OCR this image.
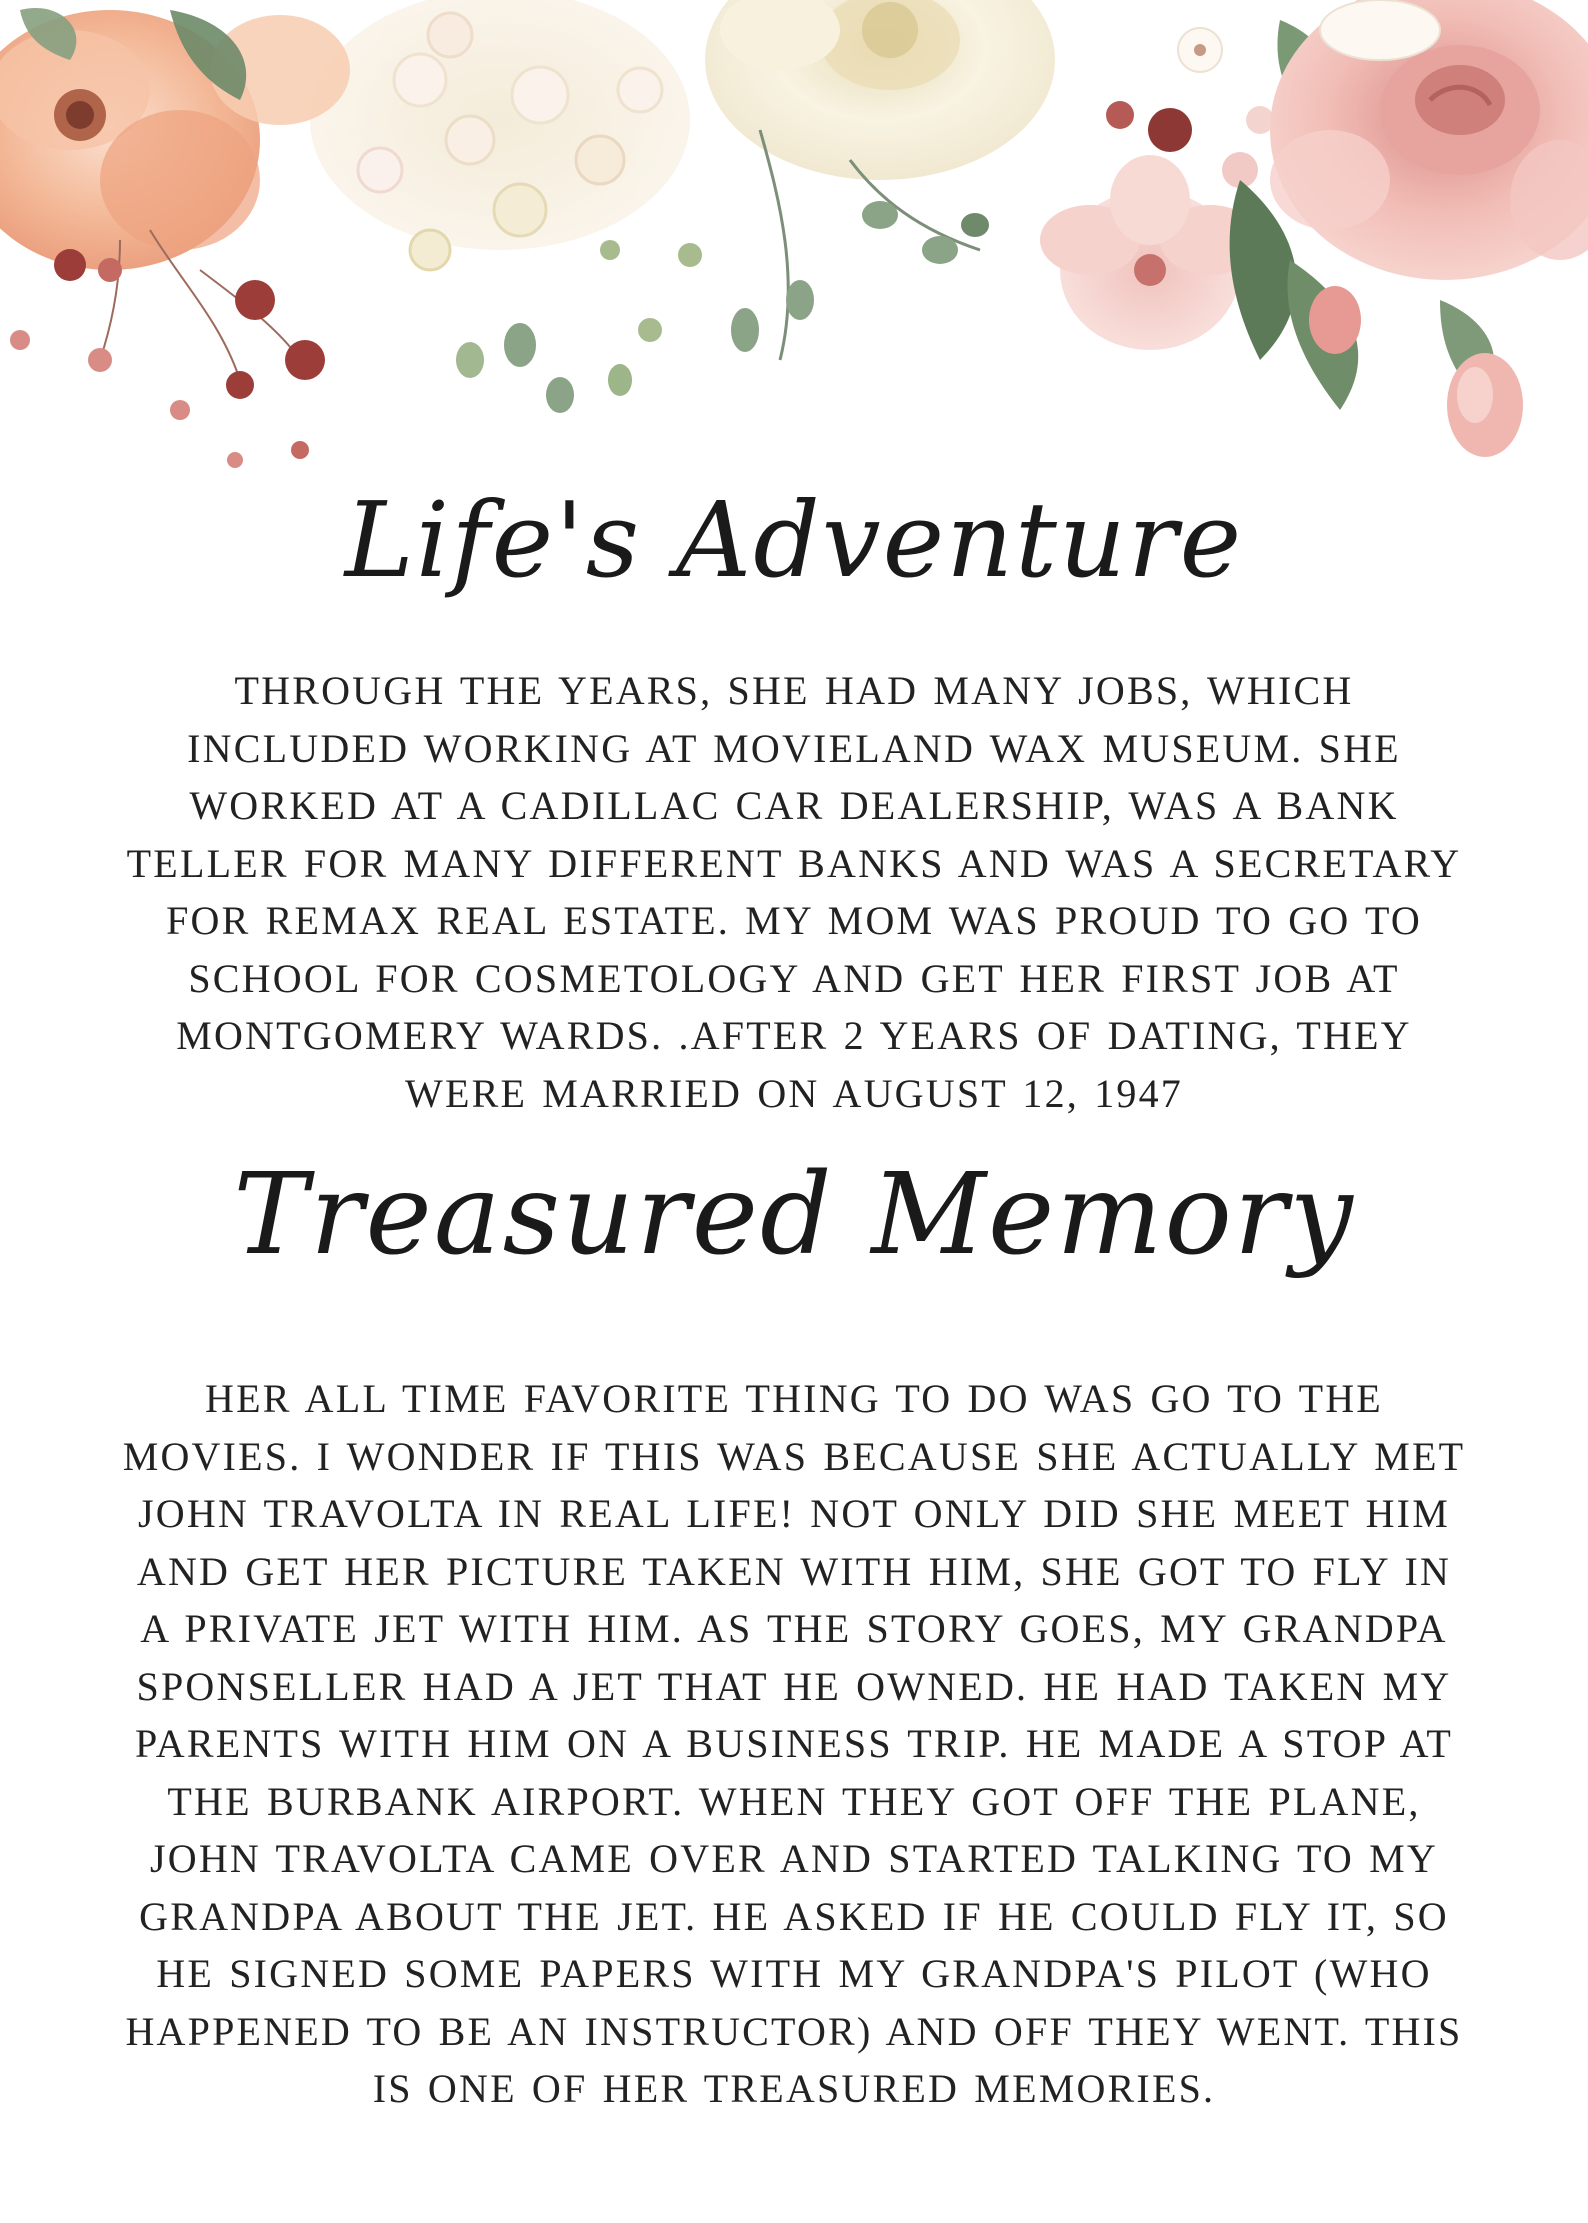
Life's Adventure

THROUGH THE YEARS, SHE HAD MANY JOBS, WHICH INCLUDED WORKING AT MOVIELAND WAX MUSEUM. SHE WORKED AT A CADILLAC CAR DEALERSHIP, WAS A BANK TELLER FOR MANY DIFFERENT BANKS AND WAS A SECRETARY FOR REMAX REAL ESTATE. MY MOM WAS PROUD TO GO TO SCHOOL FOR COSMETOLOGY AND GET HER FIRST JOB AT MONTGOMERY WARDS. .AFTER 2 YEARS OF DATING, THEY WERE MARRIED ON AUGUST 12, 1947

Treasured Memory

HER ALL TIME FAVORITE THING TO DO WAS GO TO THE MOVIES. I WONDER IF THIS WAS BECAUSE SHE ACTUALLY MET JOHN TRAVOLTA IN REAL LIFE! NOT ONLY DID SHE MEET HIM AND GET HER PICTURE TAKEN WITH HIM, SHE GOT TO FLY IN A PRIVATE JET WITH HIM. AS THE STORY GOES, MY GRANDPA SPONSELLER HAD A JET THAT HE OWNED. HE HAD TAKEN MY PARENTS WITH HIM ON A BUSINESS TRIP. HE MADE A STOP AT THE BURBANK AIRPORT. WHEN THEY GOT OFF THE PLANE, JOHN TRAVOLTA CAME OVER AND STARTED TALKING TO MY GRANDPA ABOUT THE JET. HE ASKED IF HE COULD FLY IT, SO HE SIGNED SOME PAPERS WITH MY GRANDPA'S PILOT (WHO HAPPENED TO BE AN INSTRUCTOR) AND OFF THEY WENT. THIS IS ONE OF HER TREASURED MEMORIES.
